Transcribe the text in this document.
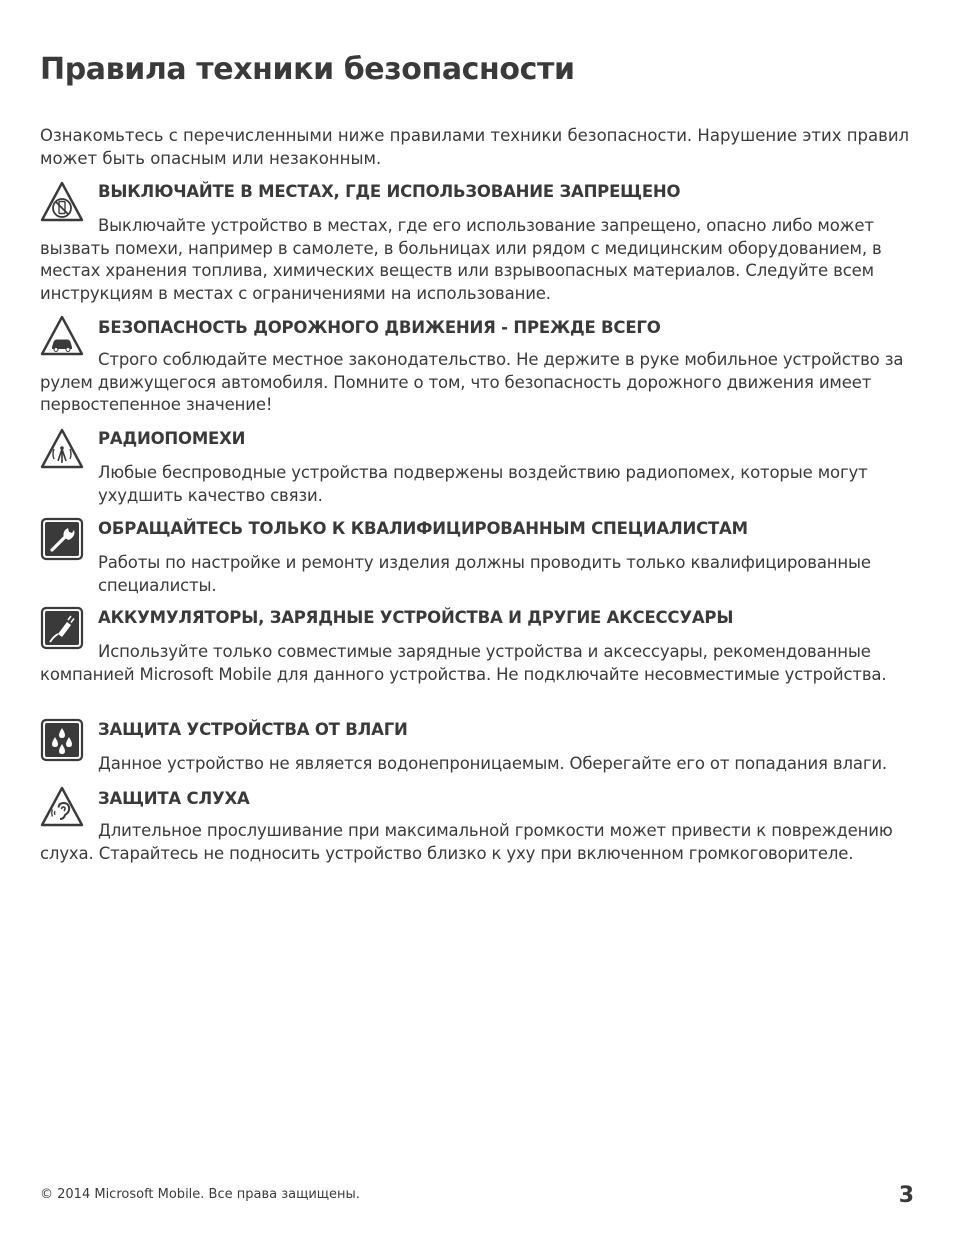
Правила техники безопасности

Ознакомьтесь с перечисленными ниже правилами техники безопасности. Нарушение этих правил может быть опасным или незаконным.

ВЫКЛЮЧАЙТЕ В МЕСТАХ, ГДЕ ИСПОЛЬЗОВАНИЕ ЗАПРЕЩЕНО

Выключайте устройство в местах, где его использование запрещено, опасно либо может вызвать помехи, например в самолете, в больницах или рядом с медицинским оборудованием, в местах хранения топлива, химических веществ или взрывоопасных материалов. Следуйте всем инструкциям в местах с ограничениями на использование.

БЕЗОПАСНОСТЬ ДОРОЖНОГО ДВИЖЕНИЯ - ПРЕЖДЕ ВСЕГО

Строго соблюдайте местное законодательство. Не держите в руке мобильное устройство за рулем движущегося автомобиля. Помните о том, что безопасность дорожного движения имеет первостепенное значение!

РАДИОПОМЕХИ

Любые беспроводные устройства подвержены воздействию радиопомех, которые могут ухудшить качество связи.

ОБРАЩАЙТЕСЬ ТОЛЬКО К КВАЛИФИЦИРОВАННЫМ СПЕЦИАЛИСТАМ

Работы по настройке и ремонту изделия должны проводить только квалифицированные специалисты.

АККУМУЛЯТОРЫ, ЗАРЯДНЫЕ УСТРОЙСТВА И ДРУГИЕ АКСЕССУАРЫ

Используйте только совместимые зарядные устройства и аксессуары, рекомендованные компанией Microsoft Mobile для данного устройства. Не подключайте несовместимые устройства.

ЗАЩИТА УСТРОЙСТВА ОТ ВЛАГИ

Данное устройство не является водонепроницаемым. Оберегайте его от попадания влаги.

ЗАЩИТА СЛУХА

Длительное прослушивание при максимальной громкости может привести к повреждению слуха. Старайтесь не подносить устройство близко к уху при включенном громкоговорителе.

© 2014 Microsoft Mobile. Все права защищены.	3
